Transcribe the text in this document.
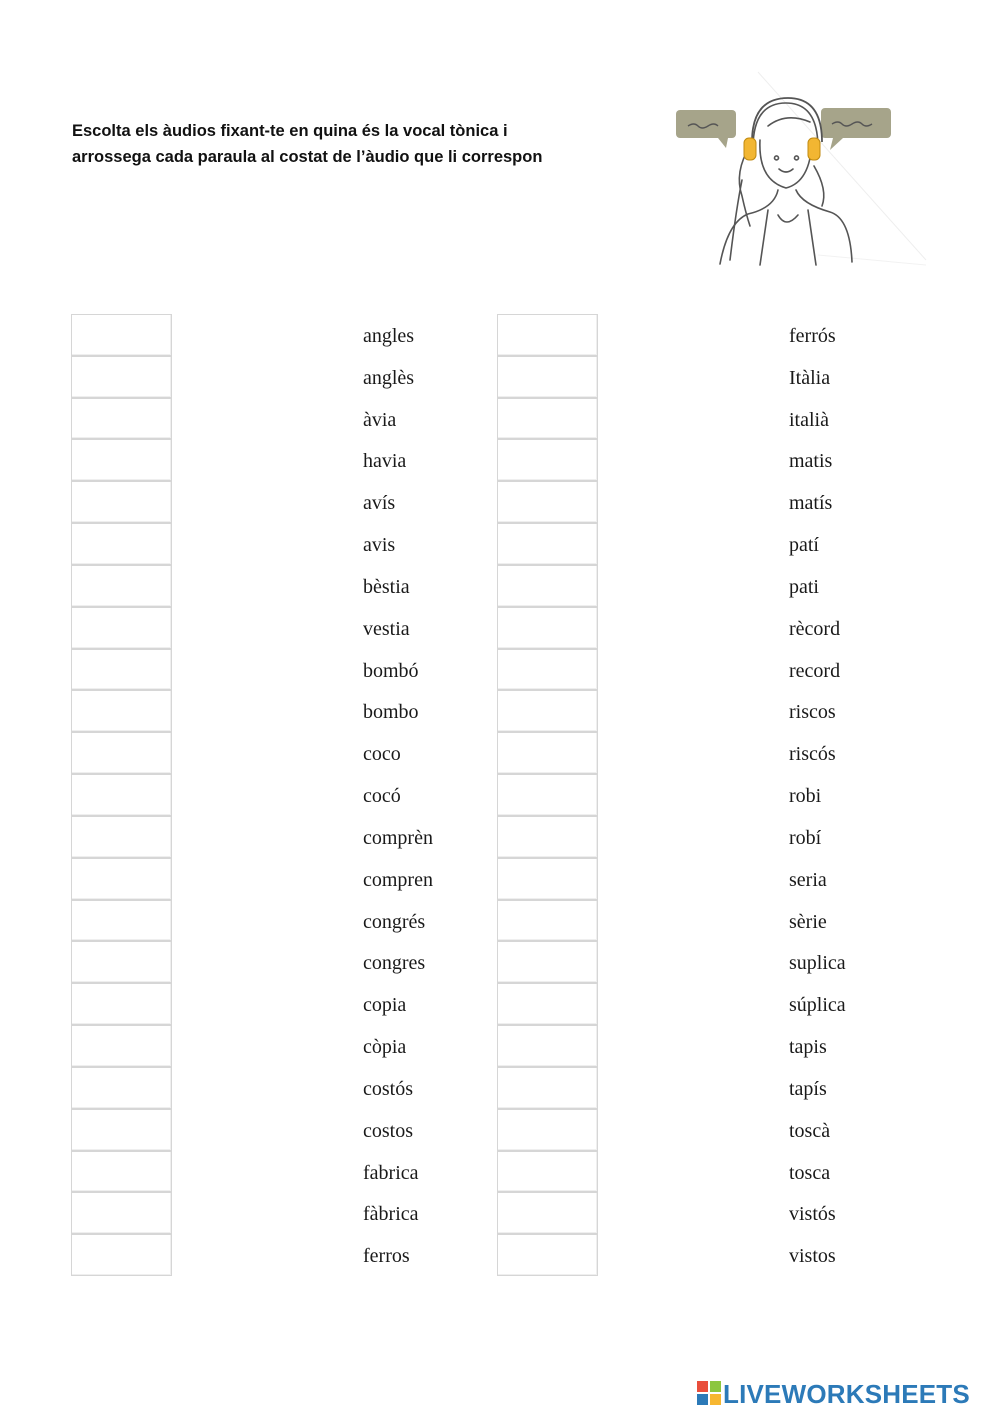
Escolta els àudios fixant-te en quina és la vocal tònica i
arrossega cada paraula al costat de l’àudio que li correspon

angles
anglès
àvia
havia
avís
avis
bèstia
vestia
bombó
bombo
coco
cocó
comprèn
compren
congrés
congres
copia
còpia
costós
costos
fabrica
fàbrica
ferros
ferrós
Itàlia
italià
matis
matís
patí
pati
rècord
record
riscos
riscós
robi
robí
seria
sèrie
suplica
súplica
tapis
tapís
toscà
tosca
vistós
vistos
LIVEWORKSHEETS
